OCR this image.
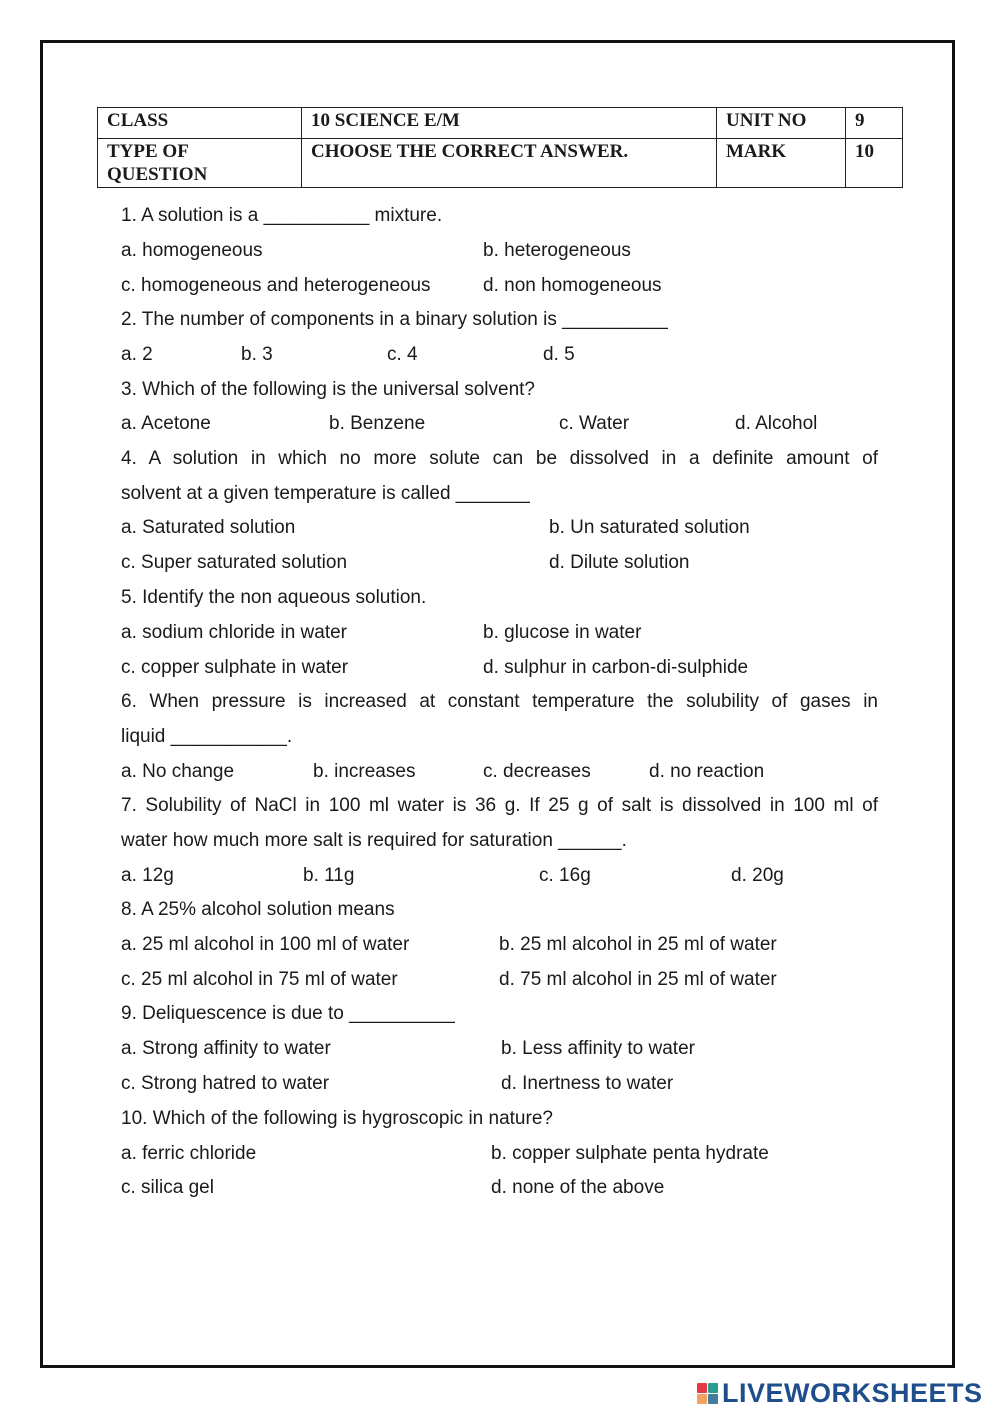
CLASS	10 SCIENCE E/M	UNIT NO	9
TYPE OF QUESTION	CHOOSE THE CORRECT ANSWER.	MARK	10
1. A solution is a __________ mixture.
a. homogeneous	b. heterogeneous
c. homogeneous and heterogeneous	d. non homogeneous
2. The number of components in a binary solution is __________
a. 2	b. 3	c. 4	d. 5
3. Which of the following is the universal solvent?
a. Acetone	b. Benzene	c. Water	d. Alcohol
4. A solution in which no more solute can be dissolved in a definite amount of
solvent at a given temperature is called _______
a. Saturated solution	b. Un saturated solution
c. Super saturated solution	d. Dilute solution
5. Identify the non aqueous solution.
a. sodium chloride in water	b. glucose in water
c. copper sulphate in water	d. sulphur in carbon-di-sulphide
6. When pressure is increased at constant temperature the solubility of gases in
liquid ___________.
a. No change	b. increases	c. decreases	d. no reaction
7. Solubility of NaCl in 100 ml water is 36 g. If 25 g of salt is dissolved in 100 ml of
water how much more salt is required for saturation ______.
a. 12g	b. 11g	c. 16g	d. 20g
8. A 25% alcohol solution means
a. 25 ml alcohol in 100 ml of water	b. 25 ml alcohol in 25 ml of water
c. 25 ml alcohol in 75 ml of water	d. 75 ml alcohol in 25 ml of water
9. Deliquescence is due to __________
a. Strong affinity to water	b. Less affinity to water
c. Strong hatred to water	d. Inertness to water
10. Which of the following is hygroscopic in nature?
a. ferric chloride	b. copper sulphate penta hydrate
c. silica gel	d. none of the above
LIVEWORKSHEETS
